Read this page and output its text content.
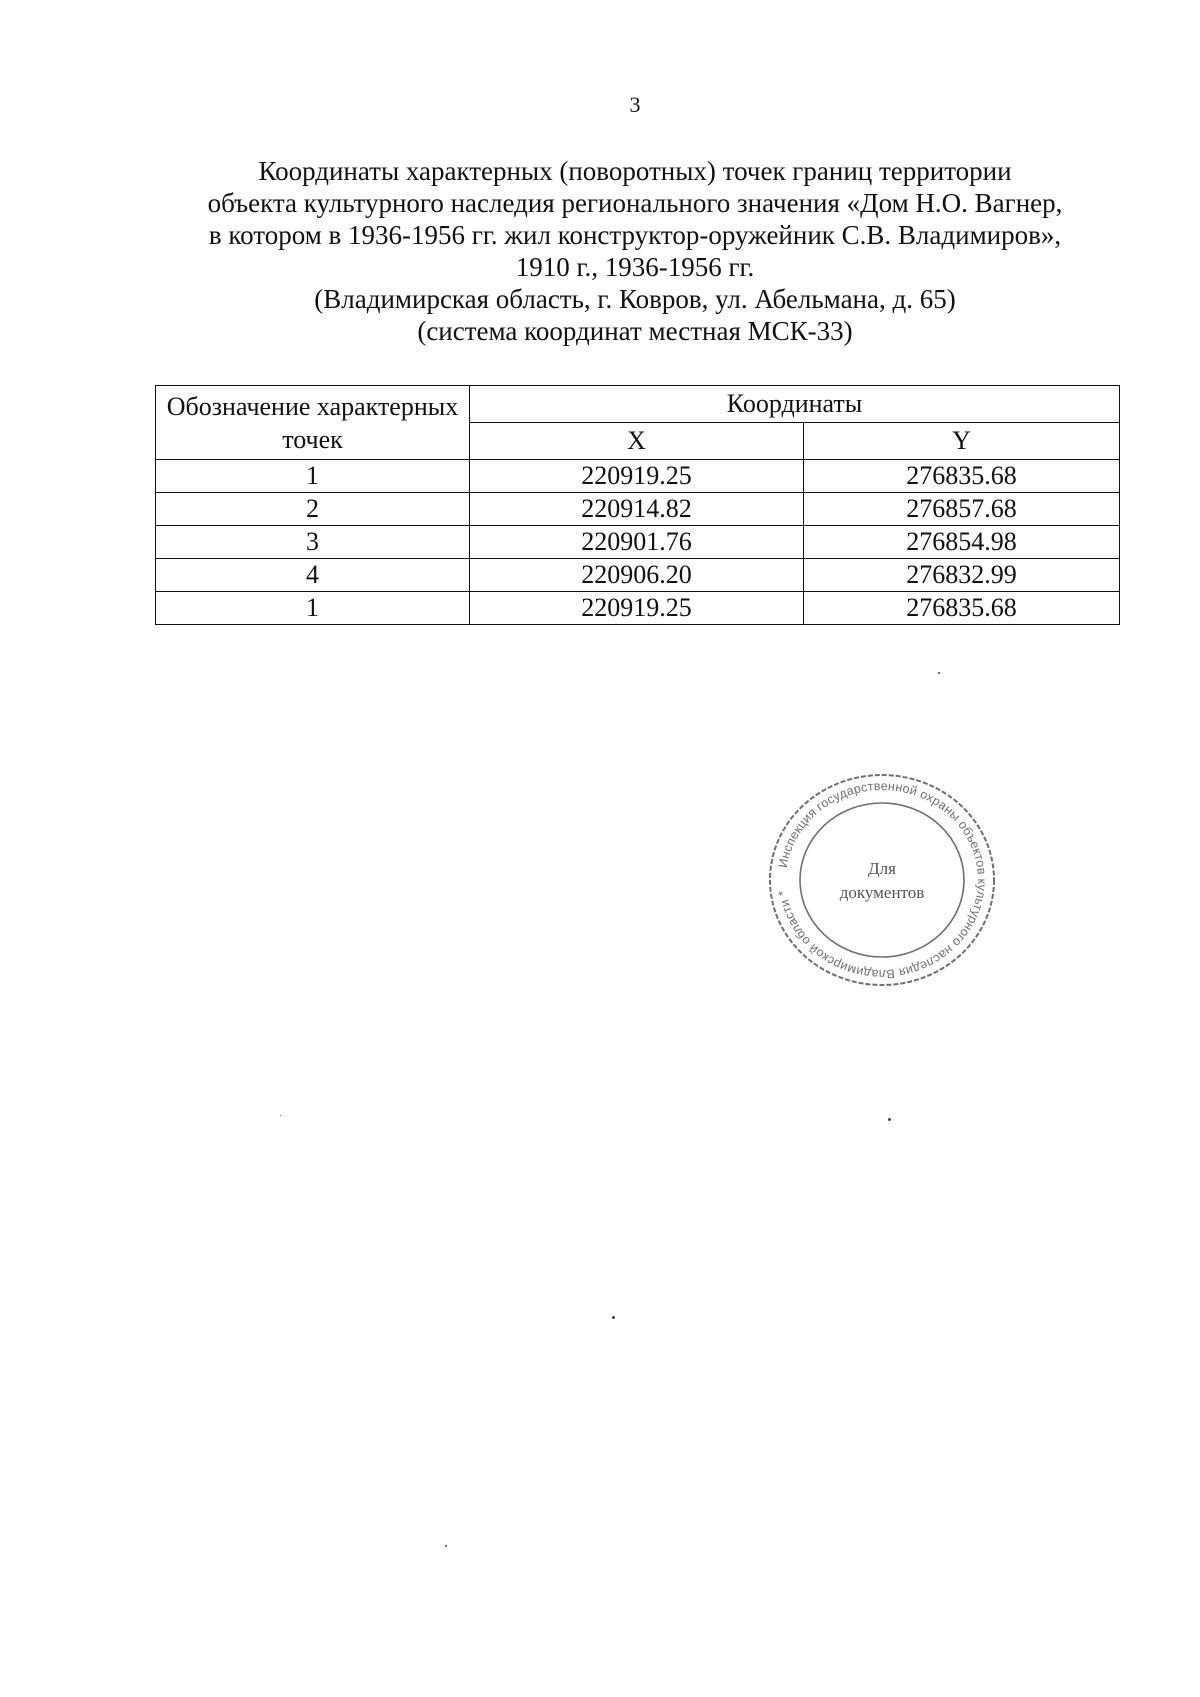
3
Координаты характерных (поворотных) точек границ территории
объекта культурного наследия регионального значения «Дом Н.О. Вагнер,
в котором в 1936-1956 гг. жил конструктор-оружейник С.В. Владимиров»,
1910 г., 1936-1956 гг.
(Владимирская область, г. Ковров, ул. Абельмана, д. 65)
(система координат местная МСК-33)
Обозначение характерных точек	Координаты	
	X	Y
1	220919.25	276835.68
2	220914.82	276857.68
3	220901.76	276854.98
4	220906.20	276832.99
1	220919.25	276835.68
Инспекция государственной охраны объектов культурного наследия Владимирской области *
Для
документов
